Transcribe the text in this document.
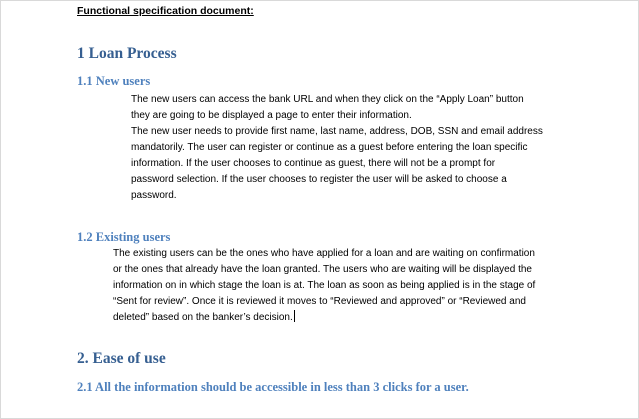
Functional specification document:
1 Loan Process
1.1 New users
The new users can access the bank URL and when they click on the “Apply Loan” button
they are going to be displayed a page to enter their information.
The new user needs to provide first name, last name, address, DOB, SSN and email address
mandatorily. The user can register or continue as a guest before entering the loan specific
information. If the user chooses to continue as guest, there will not be a prompt for
password selection. If the user chooses to register the user will be asked to choose a
password.
1.2 Existing users
The existing users can be the ones who have applied for a loan and are waiting on confirmation
or the ones that already have the loan granted. The users who are waiting will be displayed the
information on in which stage the loan is at. The loan as soon as being applied is in the stage of
“Sent for review”. Once it is reviewed it moves to “Reviewed and approved” or “Reviewed and
deleted” based on the banker’s decision.
2. Ease of use
2.1 All the information should be accessible in less than 3 clicks for a user.
